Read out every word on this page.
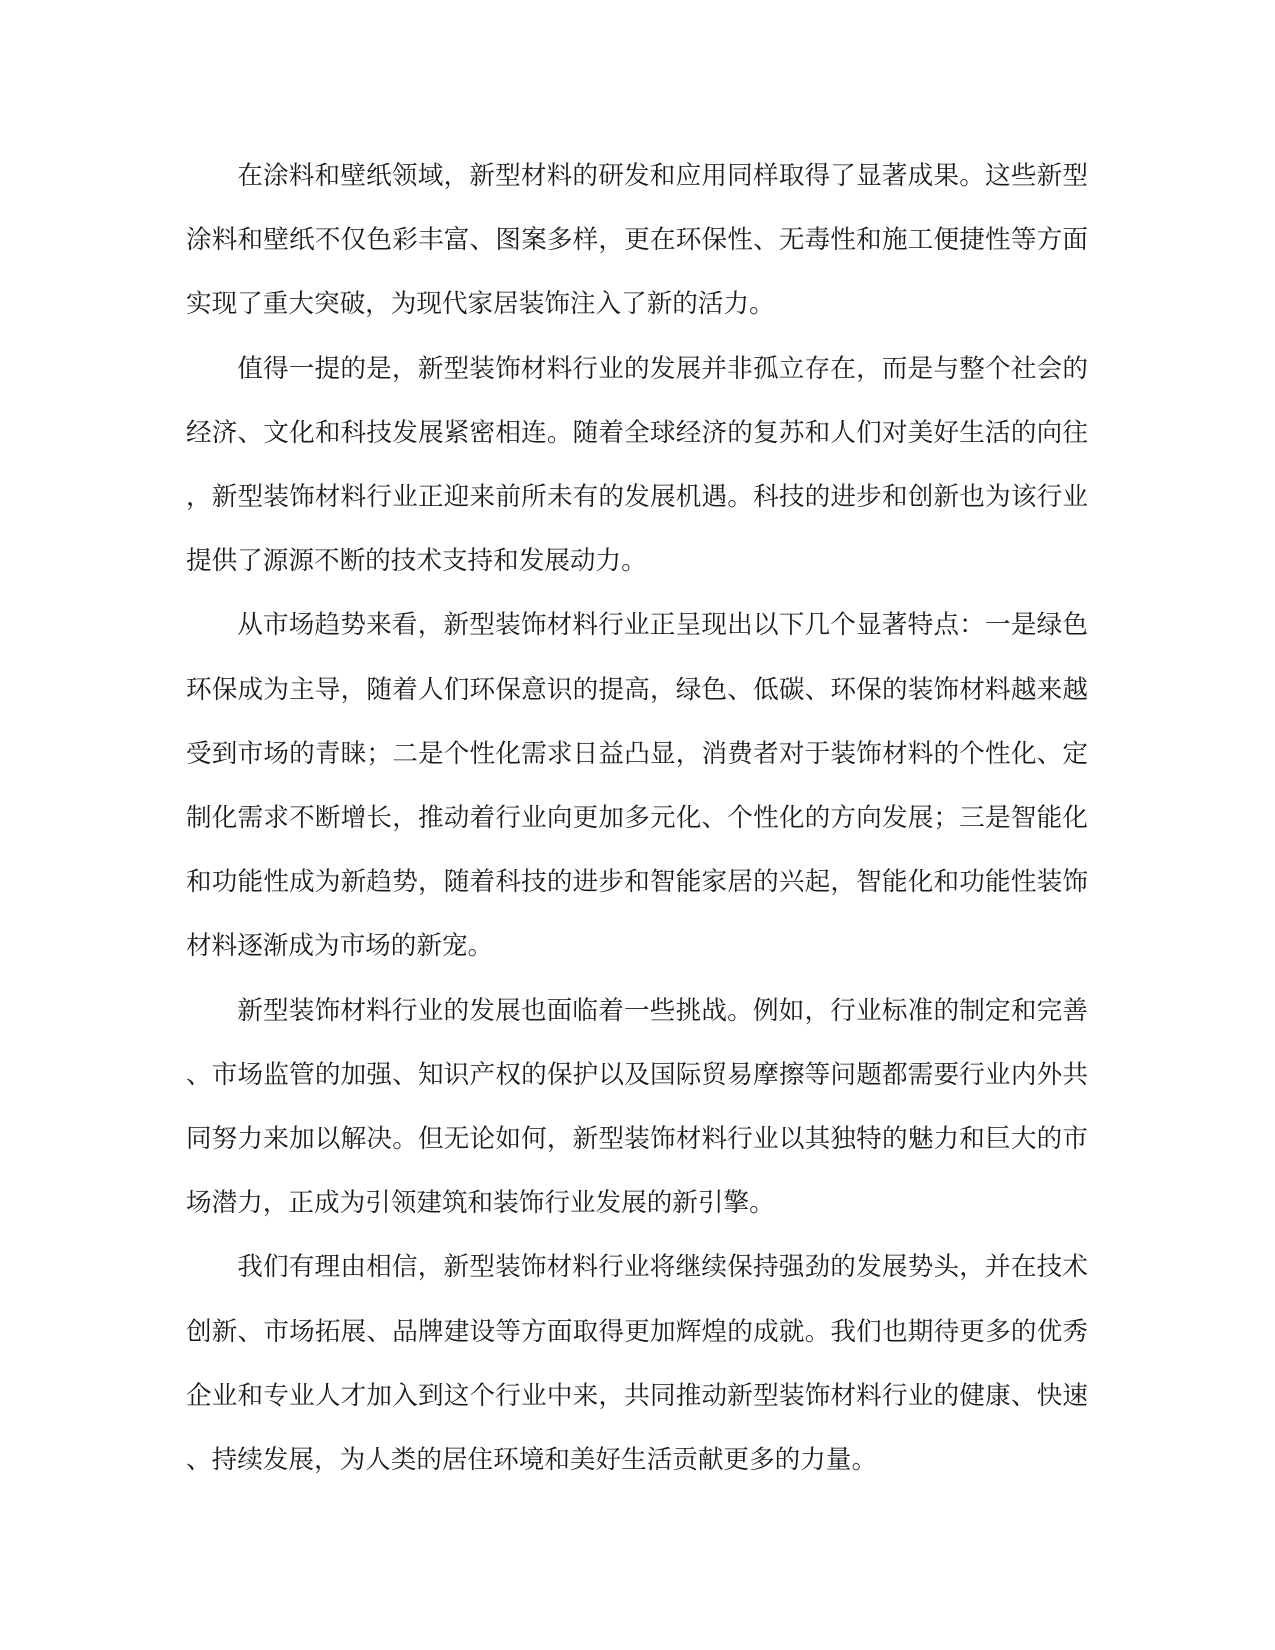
在涂料和壁纸领域，新型材料的研发和应用同样取得了显著成果。这些新型涂料和壁纸不仅色彩丰富、图案多样，更在环保性、无毒性和施工便捷性等方面实现了重大突破，为现代家居装饰注入了新的活力。

值得一提的是，新型装饰材料行业的发展并非孤立存在，而是与整个社会的经济、文化和科技发展紧密相连。随着全球经济的复苏和人们对美好生活的向往，新型装饰材料行业正迎来前所未有的发展机遇。科技的进步和创新也为该行业提供了源源不断的技术支持和发展动力。

从市场趋势来看，新型装饰材料行业正呈现出以下几个显著特点：一是绿色环保成为主导，随着人们环保意识的提高，绿色、低碳、环保的装饰材料越来越受到市场的青睐；二是个性化需求日益凸显，消费者对于装饰材料的个性化、定制化需求不断增长，推动着行业向更加多元化、个性化的方向发展；三是智能化和功能性成为新趋势，随着科技的进步和智能家居的兴起，智能化和功能性装饰材料逐渐成为市场的新宠。

新型装饰材料行业的发展也面临着一些挑战。例如，行业标准的制定和完善、市场监管的加强、知识产权的保护以及国际贸易摩擦等问题都需要行业内外共同努力来加以解决。但无论如何，新型装饰材料行业以其独特的魅力和巨大的市场潜力，正成为引领建筑和装饰行业发展的新引擎。

我们有理由相信，新型装饰材料行业将继续保持强劲的发展势头，并在技术创新、市场拓展、品牌建设等方面取得更加辉煌的成就。我们也期待更多的优秀企业和专业人才加入到这个行业中来，共同推动新型装饰材料行业的健康、快速、持续发展，为人类的居住环境和美好生活贡献更多的力量。
